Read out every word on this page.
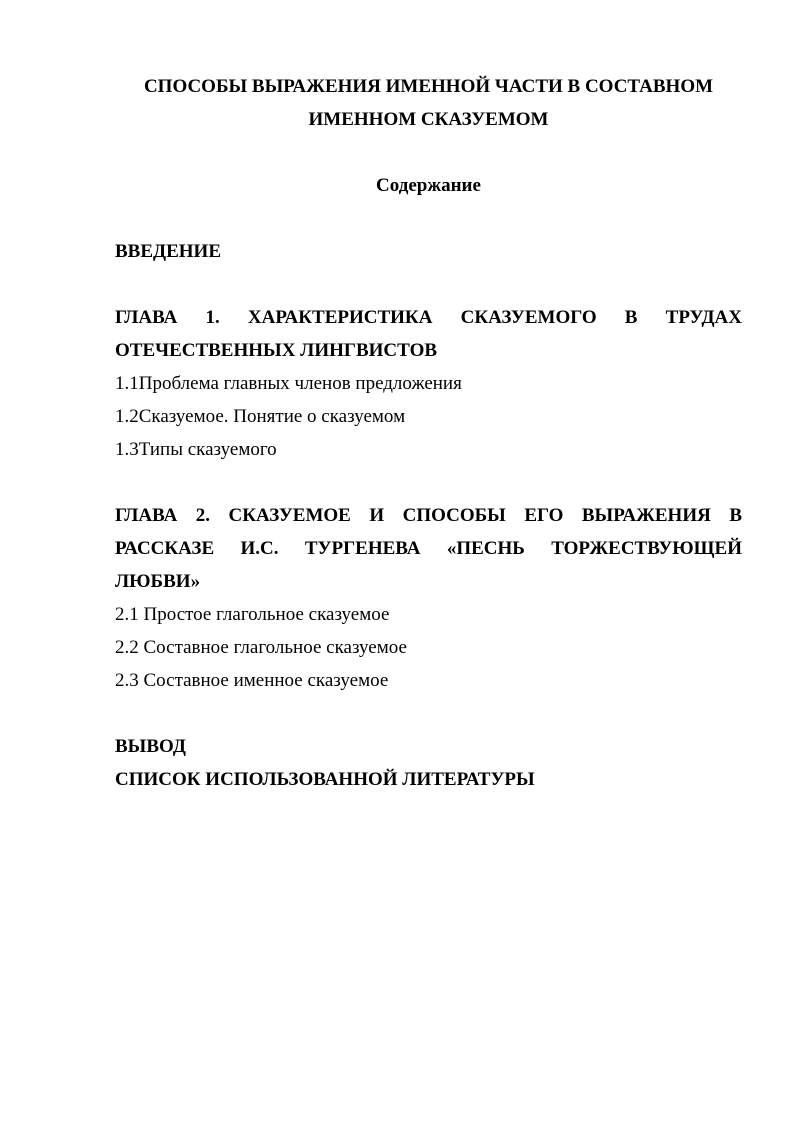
СПОСОБЫ ВЫРАЖЕНИЯ ИМЕННОЙ ЧАСТИ В СОСТАВНОМ
ИМЕННОМ СКАЗУЕМОМ
Содержание
ВВЕДЕНИЕ
ГЛАВА 1. ХАРАКТЕРИСТИКА СКАЗУЕМОГО В ТРУДАХ
ОТЕЧЕСТВЕННЫХ ЛИНГВИСТОВ
1.1Проблема главных членов предложения
1.2Сказуемое. Понятие о сказуемом
1.3Типы сказуемого
ГЛАВА 2. СКАЗУЕМОЕ И СПОСОБЫ ЕГО ВЫРАЖЕНИЯ В
РАССКАЗЕ И.С. ТУРГЕНЕВА «ПЕСНЬ ТОРЖЕСТВУЮЩЕЙ
ЛЮБВИ»
2.1 Простое глагольное сказуемое
2.2 Составное глагольное сказуемое
2.3 Составное именное сказуемое
ВЫВОД
СПИСОК ИСПОЛЬЗОВАННОЙ ЛИТЕРАТУРЫ
